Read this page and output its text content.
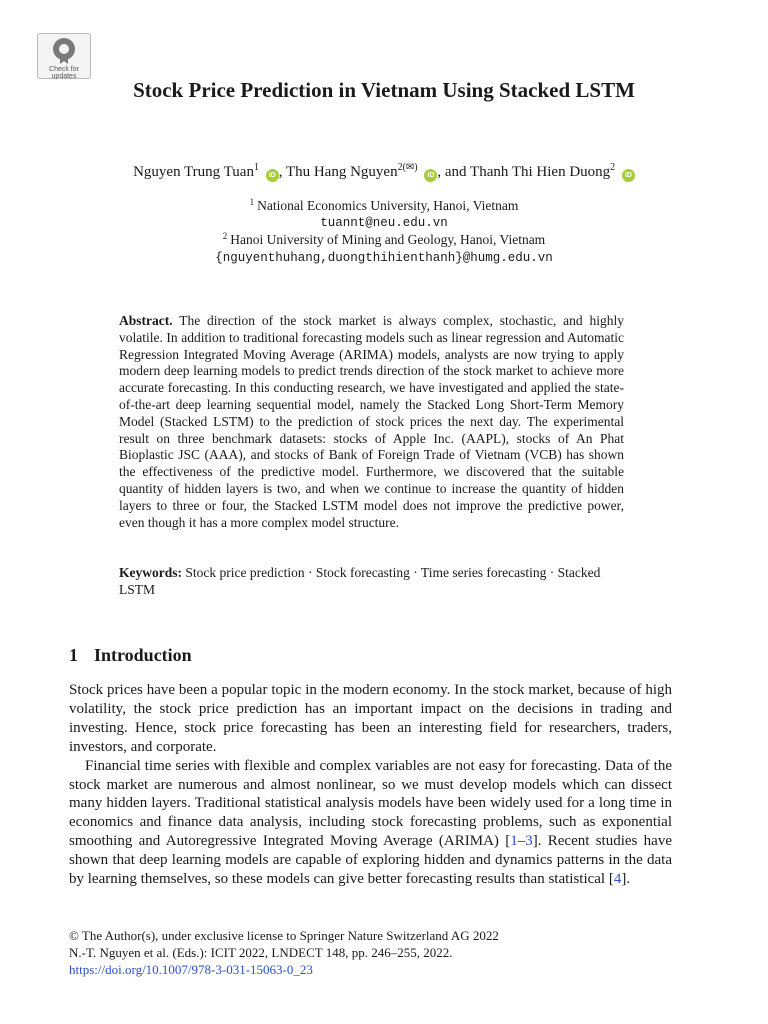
Check for
updates
Stock Price Prediction in Vietnam Using Stacked LSTM
Nguyen Trung Tuan$^1$ iD , Thu Hang Nguyen$^{2(✉)}$ iD , and Thanh Thi Hien Duong$^2$ iD
$^1$ National Economics University, Hanoi, Vietnam
tuannt@neu.edu.vn
$^2$ Hanoi University of Mining and Geology, Hanoi, Vietnam
{nguyenthuhang,duongthihienthanh}@humg.edu.vn
Abstract. The direction of the stock market is always complex, stochastic, and highly volatile. In addition to traditional forecasting models such as linear regression and Automatic Regression Integrated Moving Average (ARIMA) models, analysts are now trying to apply modern deep learning models to predict trends direction of the stock market to achieve more accurate forecasting. In this conducting research, we have investigated and applied the state-of-the-art deep learning sequential model, namely the Stacked Long Short-Term Memory Model (Stacked LSTM) to the prediction of stock prices the next day. The experimental result on three benchmark datasets: stocks of Apple Inc. (AAPL), stocks of An Phat Bioplastic JSC (AAA), and stocks of Bank of Foreign Trade of Vietnam (VCB) has shown the effectiveness of the predictive model. Furthermore, we discovered that the suitable quantity of hidden layers is two, and when we continue to increase the quantity of hidden layers to three or four, the Stacked LSTM model does not improve the predictive power, even though it has a more complex model structure.
Keywords: Stock price prediction · Stock forecasting · Time series forecasting · Stacked LSTM
1 Introduction

Stock prices have been a popular topic in the modern economy. In the stock market, because of high volatility, the stock price prediction has an important impact on the decisions in trading and investing. Hence, stock price forecasting has been an interesting field for researchers, traders, investors, and corporate.

Financial time series with flexible and complex variables are not easy for forecasting. Data of the stock market are numerous and almost nonlinear, so we must develop models which can dissect many hidden layers. Traditional statistical analysis models have been widely used for a long time in economics and finance data analysis, including stock forecasting problems, such as exponential smoothing and Autoregressive Integrated Moving Average (ARIMA) [1–3]. Recent studies have shown that deep learning models are capable of exploring hidden and dynamics patterns in the data by learning themselves, so these models can give better forecasting results than statistical [4].

© The Author(s), under exclusive license to Springer Nature Switzerland AG 2022
N.-T. Nguyen et al. (Eds.): ICIT 2022, LNDECT 148, pp. 246–255, 2022.
https://doi.org/10.1007/978-3-031-15063-0_23
